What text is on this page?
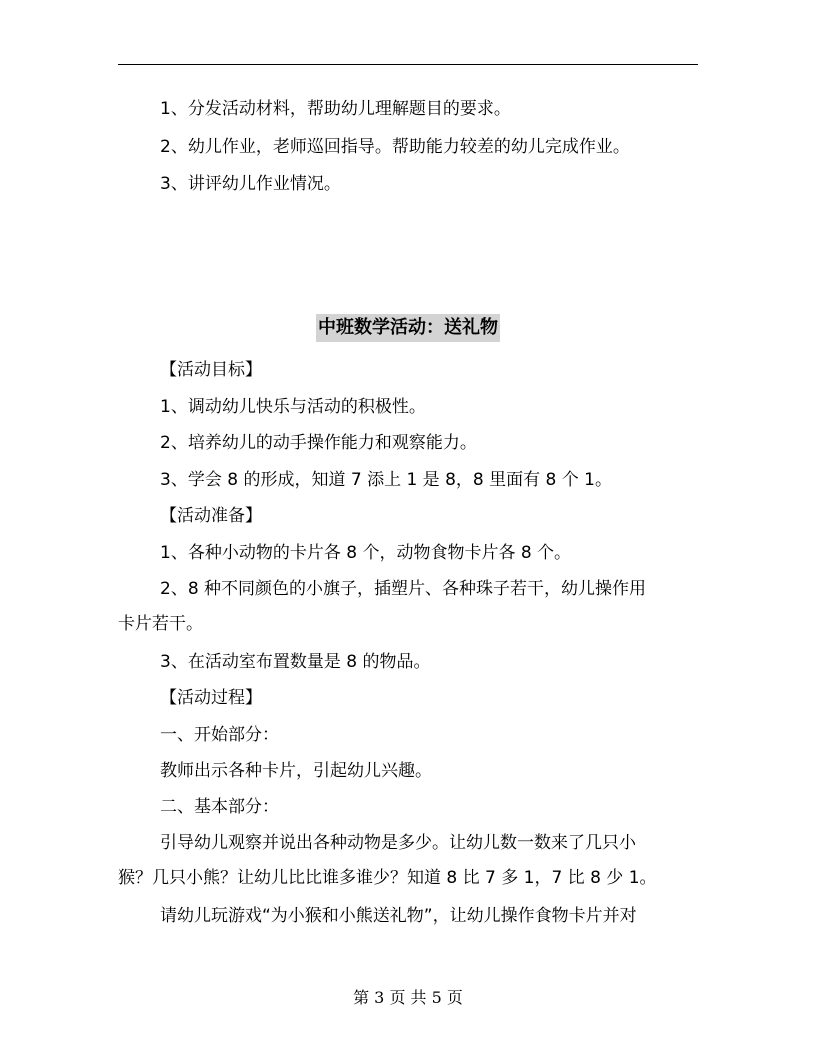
1、分发活动材料，帮助幼儿理解题目的要求。
2、幼儿作业，老师巡回指导。帮助能力较差的幼儿完成作业。
3、讲评幼儿作业情况。
中班数学活动：送礼物
【活动目标】
1、调动幼儿快乐与活动的积极性。
2、培养幼儿的动手操作能力和观察能力。
3、学会 8 的形成，知道 7 添上 1 是 8，8 里面有 8 个 1。
【活动准备】
1、各种小动物的卡片各 8 个，动物食物卡片各 8 个。
2、8 种不同颜色的小旗子，插塑片、各种珠子若干，幼儿操作用
卡片若干。
3、在活动室布置数量是 8 的物品。
【活动过程】
一、开始部分：
教师出示各种卡片，引起幼儿兴趣。
二、基本部分：
引导幼儿观察并说出各种动物是多少。让幼儿数一数来了几只小
猴？几只小熊？让幼儿比比谁多谁少？知道 8 比 7 多 1，7 比 8 少 1。
请幼儿玩游戏“为小猴和小熊送礼物”，让幼儿操作食物卡片并对
第 3 页 共 5 页
